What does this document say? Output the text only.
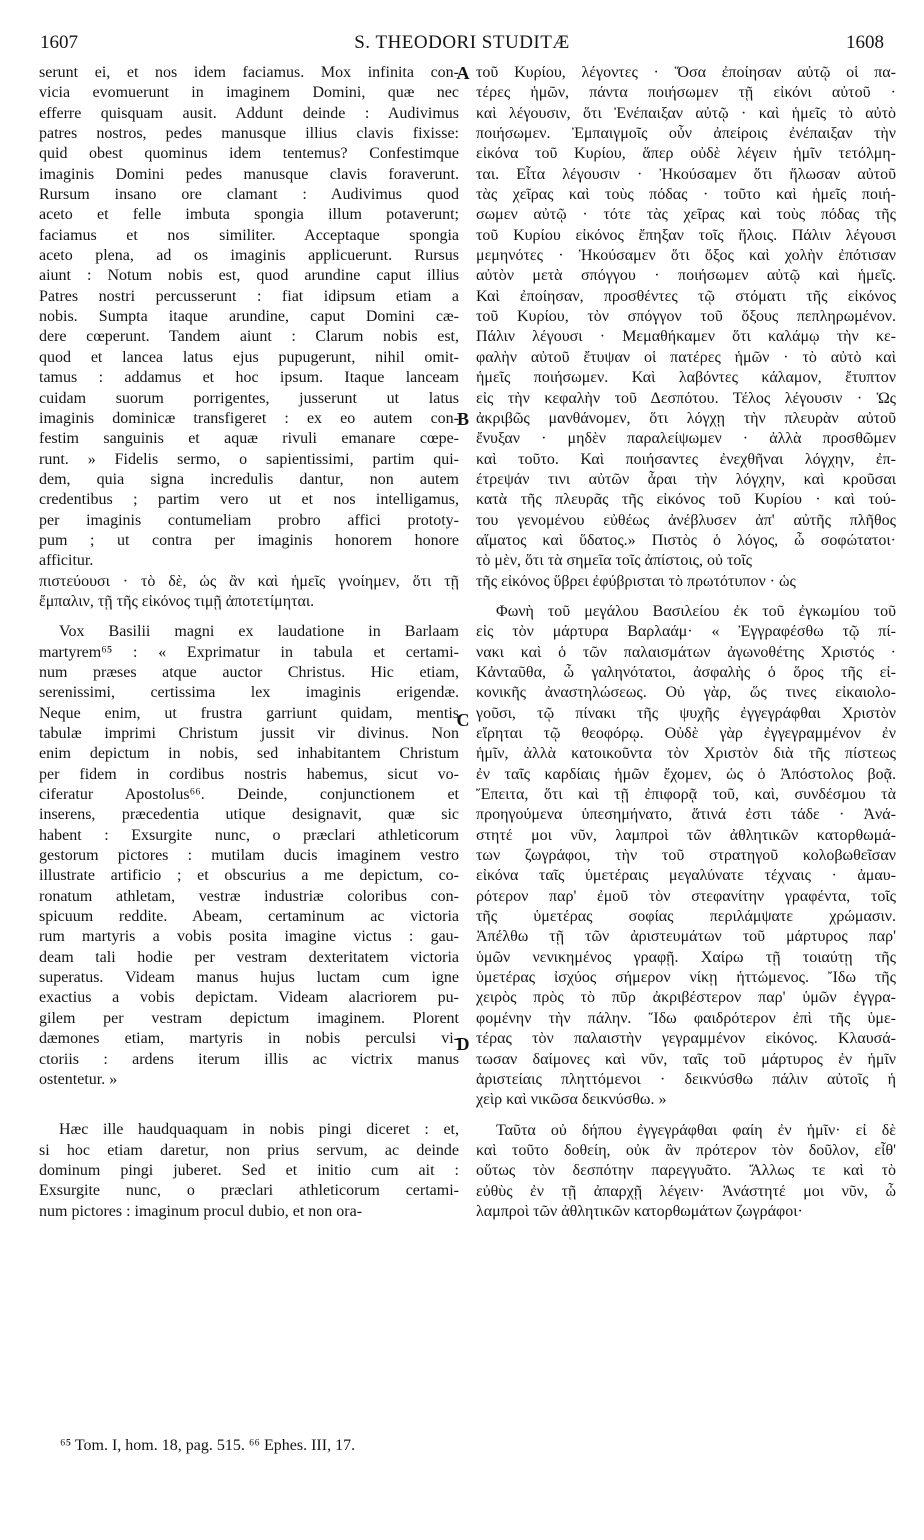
1607	S. THEODORI STUDITÆ	1608
A
B
C
D
serunt ei, et nos idem faciamus. Mox infinita con-
vicia evomuerunt in imaginem Domini, quæ nec
efferre quisquam ausit. Addunt deinde : Audivimus
patres nostros, pedes manusque illius clavis fixisse:
quid obest quominus idem tentemus? Confestimque
imaginis Domini pedes manusque clavis foraverunt.
Rursum insano ore clamant : Audivimus quod
aceto et felle imbuta spongia illum potaverunt;
faciamus et nos similiter. Acceptaque spongia
aceto plena, ad os imaginis applicuerunt. Rursus
aiunt : Notum nobis est, quod arundine caput illius
Patres nostri percusserunt : fiat idipsum etiam a
nobis. Sumpta itaque arundine, caput Domini cæ-
dere cœperunt. Tandem aiunt : Clarum nobis est,
quod et lancea latus ejus pupugerunt, nihil omit-
tamus : addamus et hoc ipsum. Itaque lanceam
cuidam suorum porrigentes, jusserunt ut latus
imaginis dominicæ transfigeret : ex eo autem con-
festim sanguinis et aquæ rivuli emanare cœpe-
runt. » Fidelis sermo, o sapientissimi, partim qui-
dem, quia signa incredulis dantur, non autem
credentibus ; partim vero ut et nos intelligamus,
per imaginis contumeliam probro affici prototy-
pum ; ut contra per imaginis honorem honore
afficitur.
πιστεύουσι · τὸ δὲ, ὡς ἂν καὶ ἡμεῖς γνοίημεν, ὅτι τῇ
ἔμπαλιν, τῇ τῆς εἰκόνος τιμῇ ἀποτετίμηται.
Vox Basilii magni ex laudatione in Barlaam
martyrem⁶⁵ : « Exprimatur in tabula et certami-
num præses atque auctor Christus. Hic etiam,
serenissimi, certissima lex imaginis erigendæ.
Neque enim, ut frustra garriunt quidam, mentis
tabulæ imprimi Christum jussit vir divinus. Non
enim depictum in nobis, sed inhabitantem Christum
per fidem in cordibus nostris habemus, sicut vo-
ciferatur Apostolus⁶⁶. Deinde, conjunctionem et
inserens, præcedentia utique designavit, quæ sic
habent : Exsurgite nunc, o præclari athleticorum
gestorum pictores : mutilam ducis imaginem vestro
illustrate artificio ; et obscurius a me depictum, co-
ronatum athletam, vestræ industriæ coloribus con-
spicuum reddite. Abeam, certaminum ac victoria
rum martyris a vobis posita imagine victus : gau-
deam tali hodie per vestram dexteritatem victoria
superatus. Videam manus hujus luctam cum igne
exactius a vobis depictam. Videam alacriorem pu-
gilem per vestram depictum imaginem. Plorent
dæmones etiam, martyris in nobis perculsi vi-
ctoriis : ardens iterum illis ac victrix manus
ostentetur. »
Hæc ille haudquaquam in nobis pingi diceret : et,
si hoc etiam daretur, non prius servum, ac deinde
dominum pingi juberet. Sed et initio cum ait :
Exsurgite nunc, o præclari athleticorum certami-
num pictores : imaginum procul dubio, et non ora-
τοῦ Κυρίου, λέγοντες · Ὅσα ἐποίησαν αὐτῷ οἱ πα-
τέρες ἡμῶν, πάντα ποιήσωμεν τῇ εἰκόνι αὐτοῦ ·
καὶ λέγουσιν, ὅτι Ἐνέπαιξαν αὐτῷ · καὶ ἡμεῖς τὸ αὐτὸ
ποιήσωμεν. Ἐμπαιγμοῖς οὖν ἀπείροις ἐνέπαιξαν τὴν
εἰκόνα τοῦ Κυρίου, ἅπερ οὐδὲ λέγειν ἡμῖν τετόλμη-
ται. Εἶτα λέγουσιν · Ἠκούσαμεν ὅτι ἥλωσαν αὐτοῦ
τὰς χεῖρας καὶ τοὺς πόδας · τοῦτο καὶ ἡμεῖς ποιή-
σωμεν αὐτῷ · τότε τὰς χεῖρας καὶ τοὺς πόδας τῆς
τοῦ Κυρίου εἰκόνος ἔπηξαν τοῖς ἥλοις. Πάλιν λέγουσι
μεμηνότες · Ἠκούσαμεν ὅτι ὄξος καὶ χολὴν ἐπότισαν
αὐτὸν μετὰ σπόγγου · ποιήσωμεν αὐτῷ καὶ ἡμεῖς.
Καὶ ἐποίησαν, προσθέντες τῷ στόματι τῆς εἰκόνος
τοῦ Κυρίου, τὸν σπόγγον τοῦ ὄξους πεπληρωμένον.
Πάλιν λέγουσι · Μεμαθήκαμεν ὅτι καλάμῳ τὴν κε-
φαλὴν αὐτοῦ ἔτυψαν οἱ πατέρες ἡμῶν · τὸ αὐτὸ καὶ
ἡμεῖς ποιήσωμεν. Καὶ λαβόντες κάλαμον, ἔτυπτον
εἰς τὴν κεφαλὴν τοῦ Δεσπότου. Τέλος λέγουσιν · Ὡς
ἀκριβῶς μανθάνομεν, ὅτι λόγχῃ τὴν πλευρὰν αὐτοῦ
ἔνυξαν · μηδὲν παραλείψωμεν · ἀλλὰ προσθῶμεν
καὶ τοῦτο. Καὶ ποιήσαντες ἐνεχθῆναι λόγχην, ἐπ-
έτρεψάν τινι αὐτῶν ἆραι τὴν λόγχην, καὶ κροῦσαι
κατὰ τῆς πλευρᾶς τῆς εἰκόνος τοῦ Κυρίου · καὶ τού-
του γενομένου εὐθέως ἀνέβλυσεν ἀπ' αὐτῆς πλῆθος
αἵματος καὶ ὕδατος.» Πιστὸς ὁ λόγος, ὦ σοφώτατοι·
τὸ μὲν, ὅτι τὰ σημεῖα τοῖς ἀπίστοις, οὐ τοῖς
τῆς εἰκόνος ὕβρει ἐφύβρισται τὸ πρωτότυπον · ὡς
Φωνὴ τοῦ μεγάλου Βασιλείου ἐκ τοῦ ἐγκωμίου τοῦ
εἰς τὸν μάρτυρα Βαρλαάμ· « Ἐγγραφέσθω τῷ πί-
νακι καὶ ὁ τῶν παλαισμάτων ἀγωνοθέτης Χριστός ·
Κἀνταῦθα, ὦ γαληνότατοι, ἀσφαλὴς ὁ ὅρος τῆς εἰ-
κονικῆς ἀναστηλώσεως. Οὐ γὰρ, ὥς τινες εἰκαιολο-
γοῦσι, τῷ πίνακι τῆς ψυχῆς ἐγγεγράφθαι Χριστὸν
εἴρηται τῷ θεοφόρῳ. Οὐδὲ γὰρ ἐγγεγραμμένον ἐν
ἡμῖν, ἀλλὰ κατοικοῦντα τὸν Χριστὸν διὰ τῆς πίστεως
ἐν ταῖς καρδίαις ἡμῶν ἔχομεν, ὡς ὁ Ἀπόστολος βοᾷ.
Ἔπειτα, ὅτι καὶ τῇ ἐπιφορᾷ τοῦ, καὶ, συνδέσμου τὰ
προηγούμενα ὑπεσημήνατο, ἅτινά ἐστι τάδε · Ἀνά-
στητέ μοι νῦν, λαμπροὶ τῶν ἀθλητικῶν κατορθωμά-
των ζωγράφοι, τὴν τοῦ στρατηγοῦ κολοβωθεῖσαν
εἰκόνα ταῖς ὑμετέραις μεγαλύνατε τέχναις · ἀμαυ-
ρότερον παρ' ἐμοῦ τὸν στεφανίτην γραφέντα, τοῖς
τῆς ὑμετέρας σοφίας περιλάμψατε χρώμασιν.
Ἀπέλθω τῇ τῶν ἀριστευμάτων τοῦ μάρτυρος παρ'
ὑμῶν νενικημένος γραφῇ. Χαίρω τῇ τοιαύτῃ τῆς
ὑμετέρας ἰσχύος σήμερον νίκῃ ἡττώμενος. Ἴδω τῆς
χειρὸς πρὸς τὸ πῦρ ἀκριβέστερον παρ' ὑμῶν ἐγγρα-
φομένην τὴν πάλην. Ἴδω φαιδρότερον ἐπὶ τῆς ὑμε-
τέρας τὸν παλαιστὴν γεγραμμένον εἰκόνος. Κλαυσά-
τωσαν δαίμονες καὶ νῦν, ταῖς τοῦ μάρτυρος ἐν ἡμῖν
ἀριστείαις πληττόμενοι · δεικνύσθω πάλιν αὐτοῖς ἡ
χεὶρ καὶ νικῶσα δεικνύσθω. »
Ταῦτα οὐ δήπου ἐγγεγράφθαι φαίη ἐν ἡμῖν· εἰ δὲ
καὶ τοῦτο δοθείη, οὐκ ἂν πρότερον τὸν δοῦλον, εἶθ'
οὕτως τὸν δεσπότην παρεγγυᾶτο. Ἄλλως τε καὶ τὸ
εὐθὺς ἐν τῇ ἀπαρχῇ λέγειν· Ἀνάστητέ μοι νῦν, ὦ
λαμπροὶ τῶν ἀθλητικῶν κατορθωμάτων ζωγράφοι·
⁶⁵ Tom. I, hom. 18, pag. 515. ⁶⁶ Ephes. III, 17.
